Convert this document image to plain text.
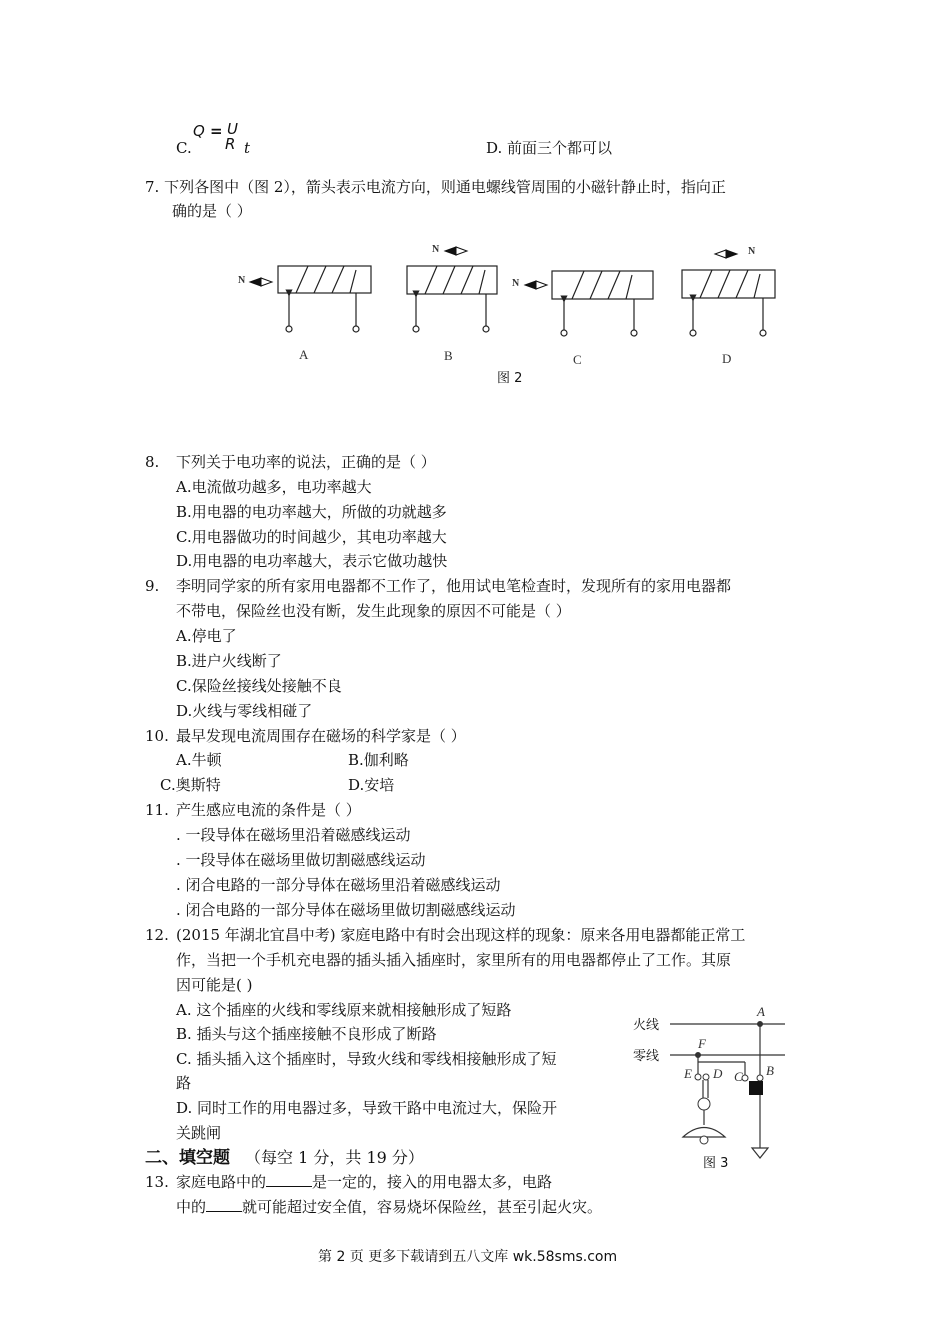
C.
Q = U
R t	D. 前面三个都可以
7. 下列各图中（图 2），箭头表示电流方向，则通电螺线管周围的小磁针静止时，指向正
确的是（ ）
N
N
N
N
A	B	C	D
图 2
8. 下列关于电功率的说法，正确的是（ ）
A.电流做功越多，电功率越大
B.用电器的电功率越大，所做的功就越多
C.用电器做功的时间越少，其电功率越大
D.用电器的电功率越大，表示它做功越快
9. 李明同学家的所有家用电器都不工作了，他用试电笔检查时，发现所有的家用电器都
不带电，保险丝也没有断，发生此现象的原因不可能是（ ）
A.停电了
B.进户火线断了
C.保险丝接线处接触不良
D.火线与零线相碰了
10. 最早发现电流周围存在磁场的科学家是（ ）
A.牛顿	B.伽利略
C.奥斯特	D.安培
11. 产生感应电流的条件是（ ）
. 一段导体在磁场里沿着磁感线运动
. 一段导体在磁场里做切割磁感线运动
. 闭合电路的一部分导体在磁场里沿着磁感线运动
. 闭合电路的一部分导体在磁场里做切割磁感线运动
12. (2015 年湖北宜昌中考) 家庭电路中有时会出现这样的现象：原来各用电器都能正常工
作，当把一个手机充电器的插头插入插座时，家里所有的用电器都停止了工作。其原
因可能是( )
A. 这个插座的火线和零线原来就相接触形成了短路
B. 插头与这个插座接触不良形成了断路
C. 插头插入这个插座时，导致火线和零线相接触形成了短
路
D. 同时工作的用电器过多，导致干路中电流过大，保险开
关跳闸
火线
零线
A
F
E D C B
图 3
二、填空题 （每空 1 分，共 19 分）
13. 家庭电路中的	是一定的，接入的用电器太多，电路
中的 就可能超过安全值，容易烧坏保险丝，甚至引起火灾。
第 2 页 更多下载请到五八文库 wk.58sms.com
